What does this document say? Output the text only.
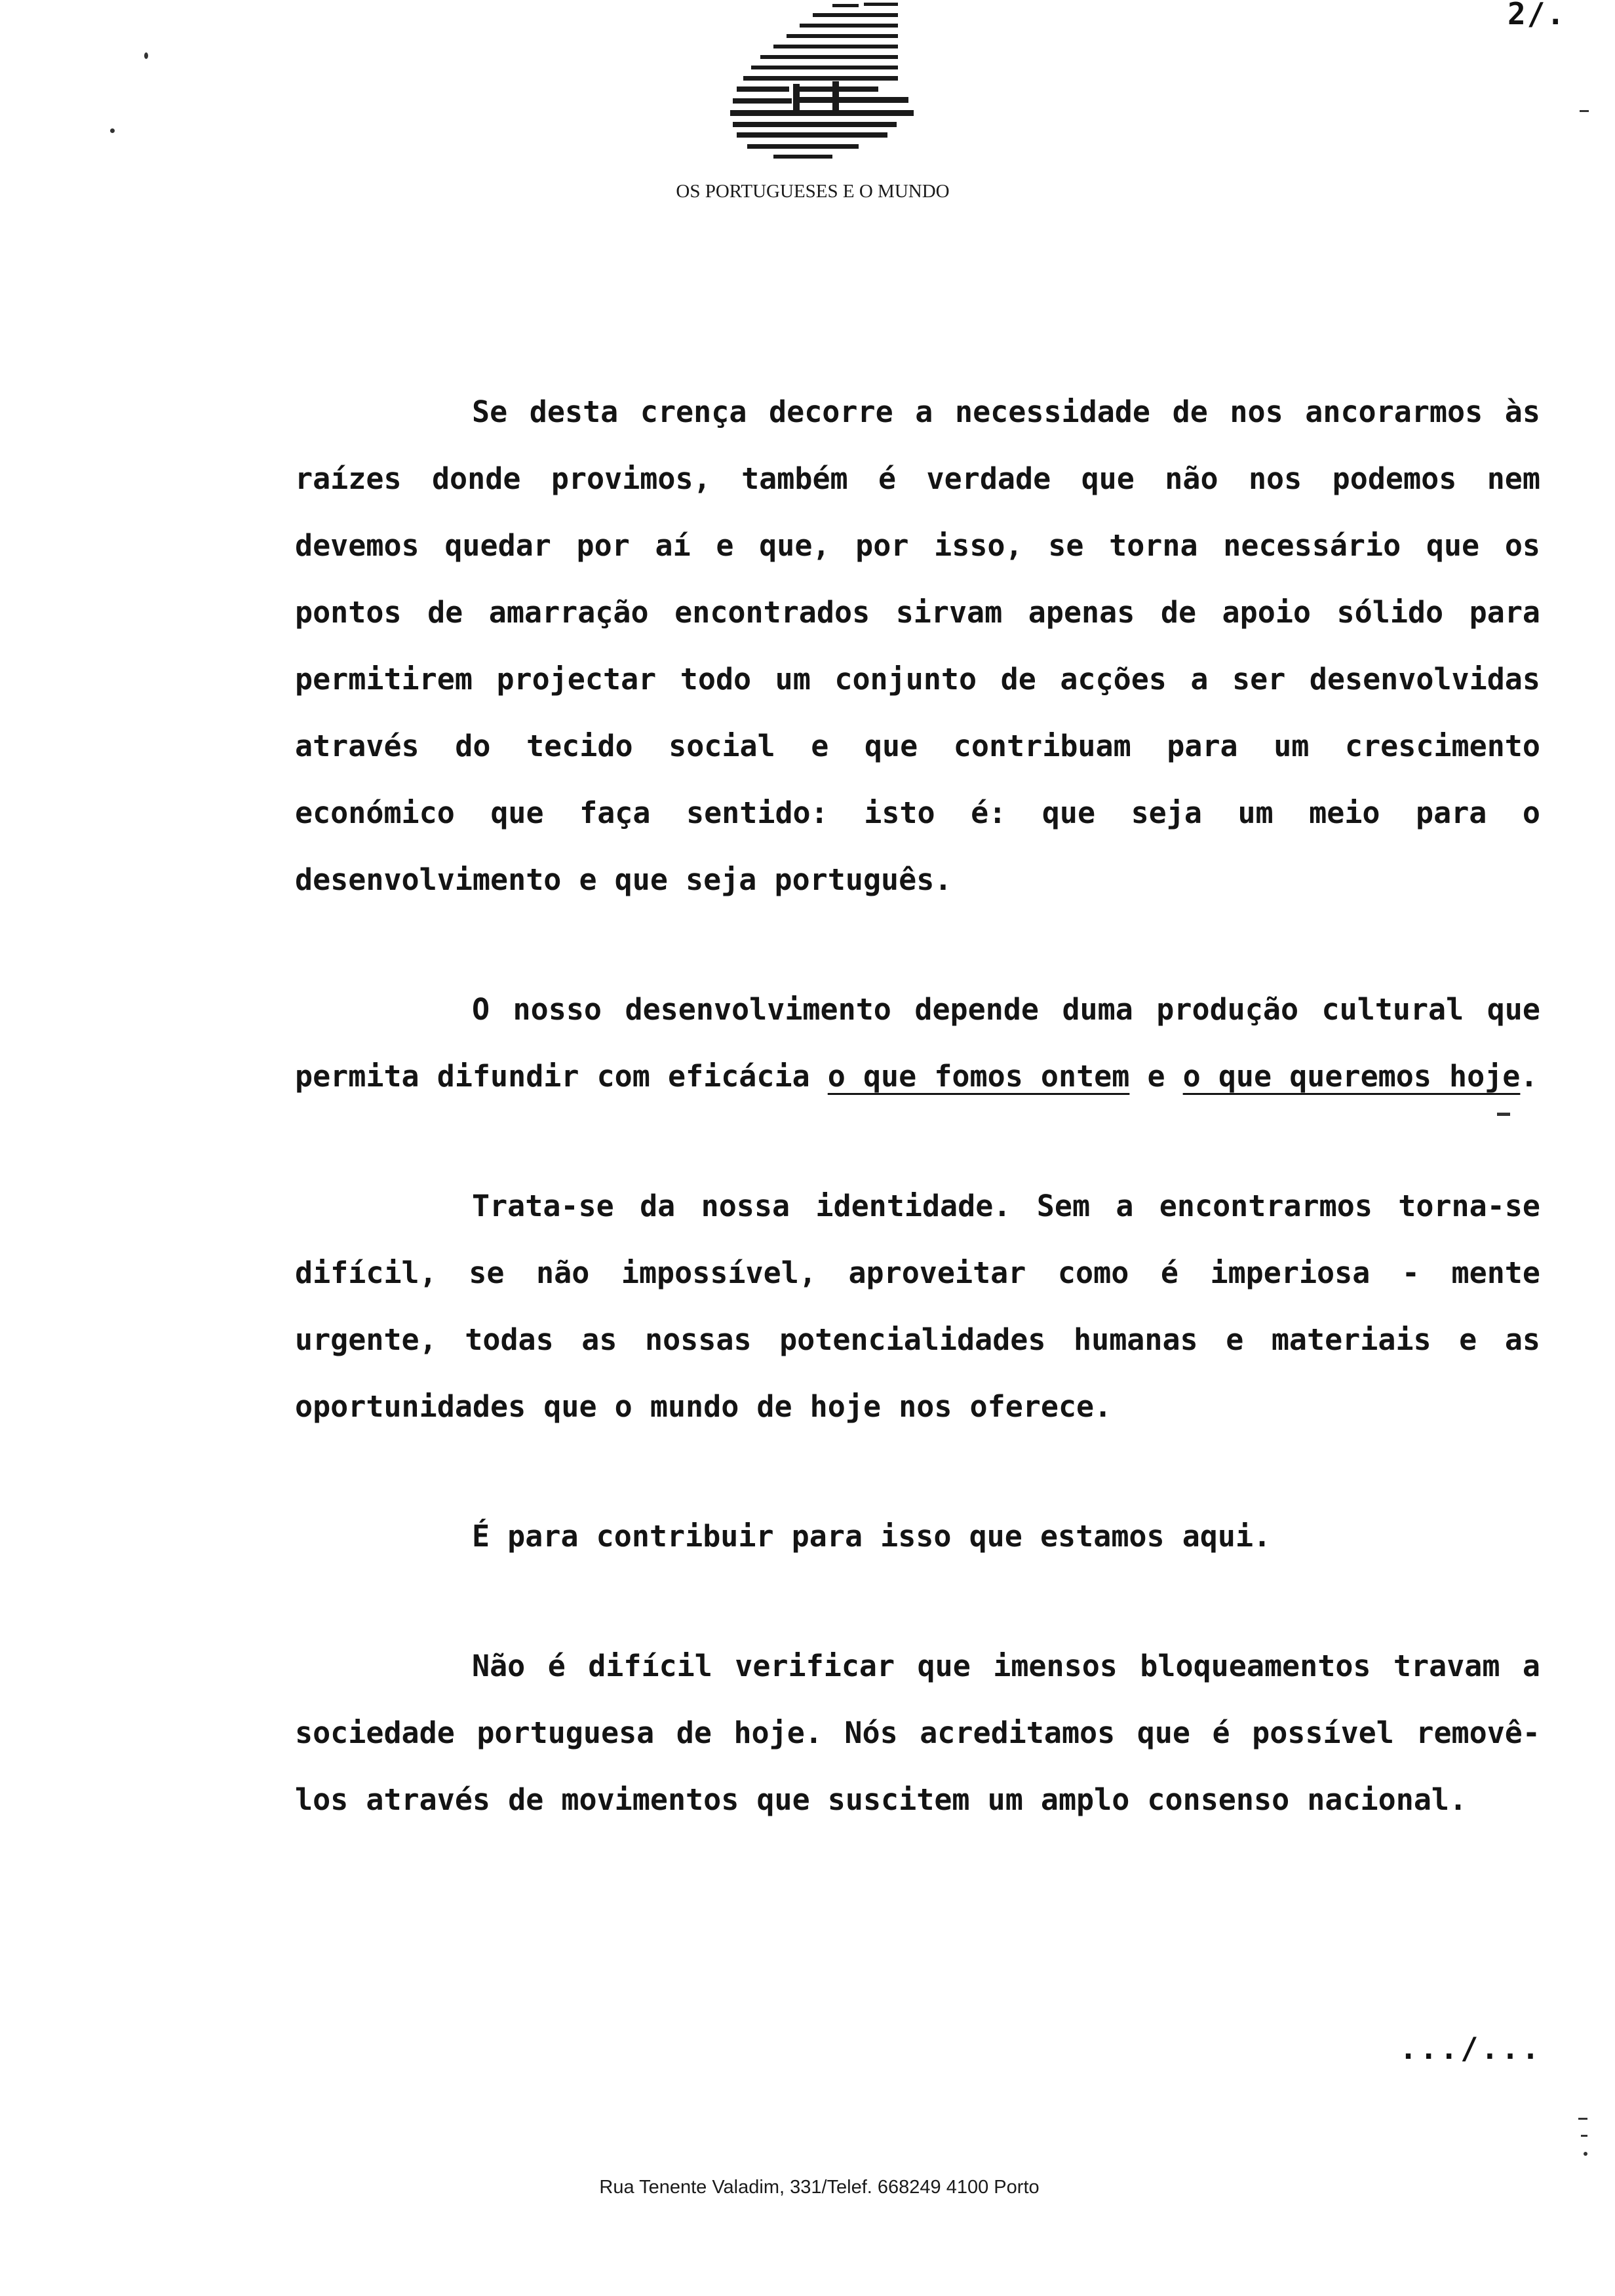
2/.
OS PORTUGUESES E O MUNDO

Se desta crença decorre a necessidade de nos ancorarmos às raízes donde provimos, também é verdade que não nos podemos nem devemos quedar por aí e que, por isso, se torna necessário que os pontos de amarração encontrados sirvam apenas de apoio sólido para permitirem projectar todo um conjunto de acções a ser desenvolvidas através do tecido social e que contribuam para um crescimento económico que faça sentido: isto é: que seja um meio para o desenvolvimento e que seja português.

O nosso desenvolvimento depende duma produção cultural que permita difundir com eficácia o que fomos ontem e o que queremos hoje.

Trata-se da nossa identidade. Sem a encontrarmos torna-se difícil, se não impossível, aproveitar como é imperiosa - mente urgente, todas as nossas potencialidades humanas e materiais e as oportunidades que o mundo de hoje nos oferece.

É para contribuir para isso que estamos aqui.

Não é difícil verificar que imensos bloqueamentos travam a sociedade portuguesa de hoje. Nós acreditamos que é possível removê-los através de movimentos que suscitem um amplo consenso nacional.

.../...
Rua Tenente Valadim, 331/Telef. 668249 4100 Porto
